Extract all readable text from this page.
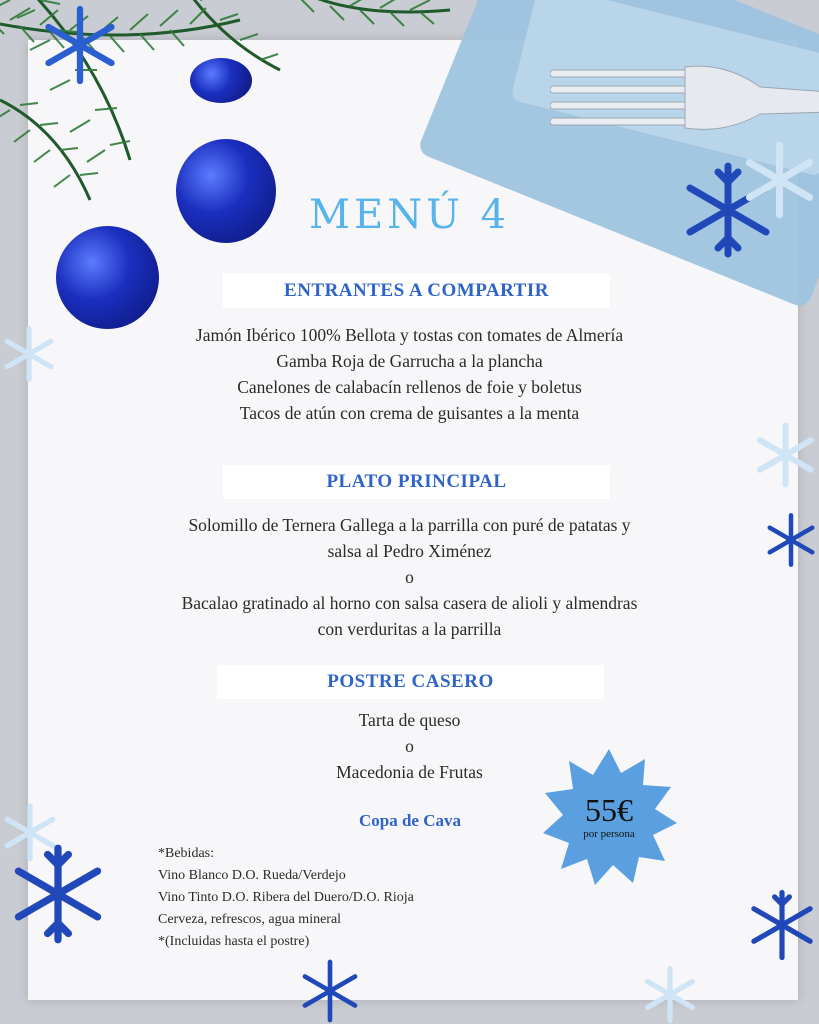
MENÚ 4
ENTRANTES A COMPARTIR
Jamón Ibérico 100% Bellota y tostas con tomates de Almería
Gamba Roja de Garrucha a la plancha
Canelones de calabacín rellenos de foie y boletus
Tacos de atún con crema de guisantes a la menta
PLATO PRINCIPAL
Solomillo de Ternera Gallega a la parrilla con puré de patatas y
salsa al Pedro Ximénez
o
Bacalao gratinado al horno con salsa casera de alioli y almendras
con verduritas a la parrilla
POSTRE CASERO
Tarta de queso
o
Macedonia de Frutas
Copa de Cava
*Bebidas:
Vino Blanco D.O. Rueda/Verdejo
Vino Tinto D.O. Ribera del Duero/D.O. Rioja
Cerveza, refrescos, agua mineral
*(Incluidas hasta el postre)
55€
por persona
